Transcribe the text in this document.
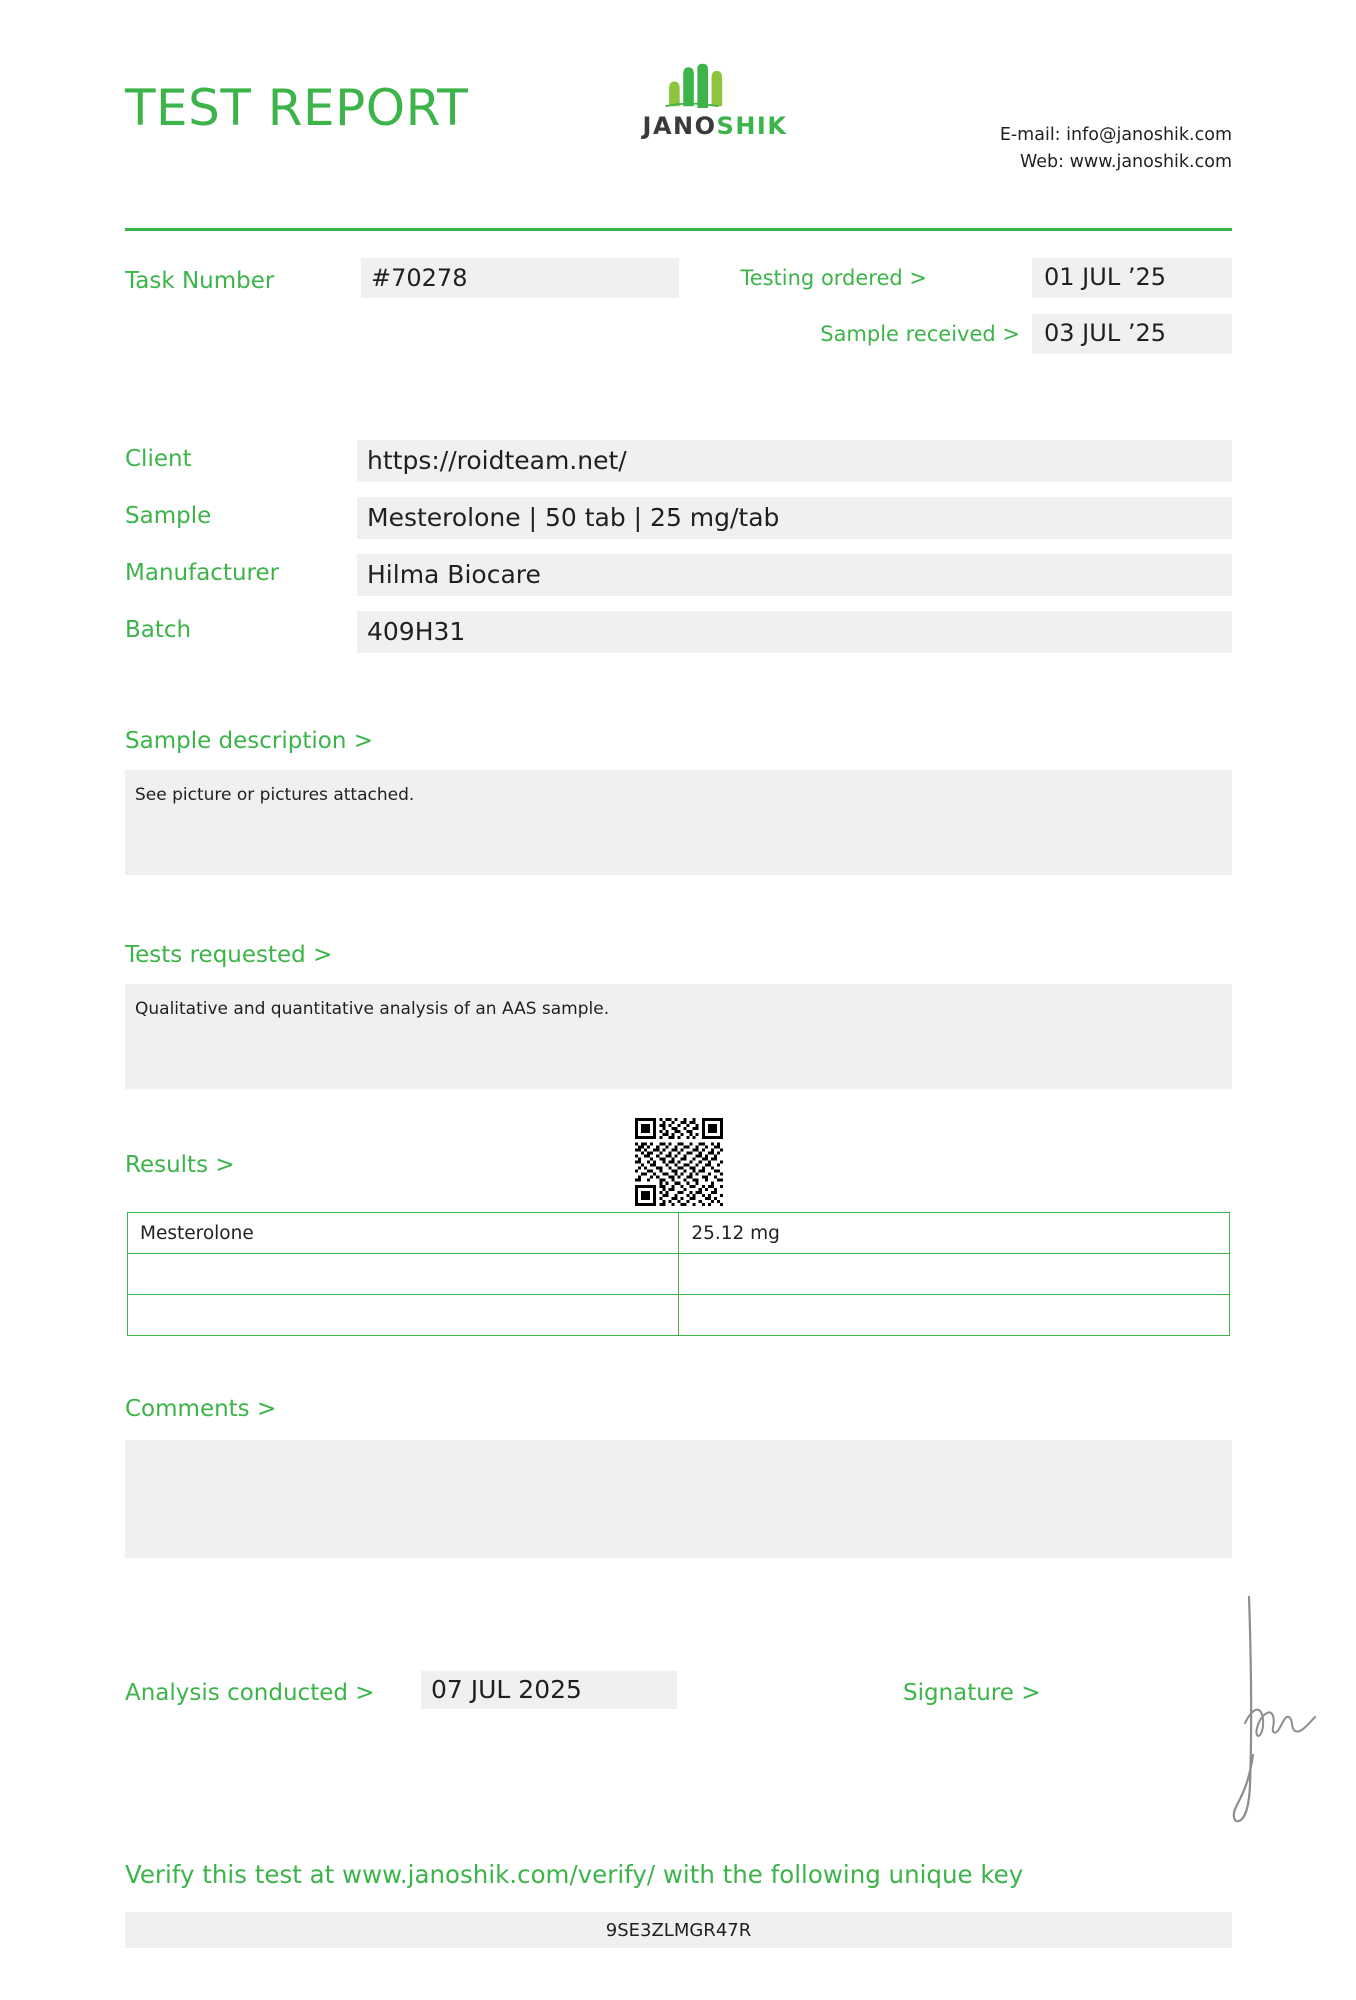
TEST REPORT	JANOSHIK	E-mail: info@janoshik.com
Web: www.janoshik.com
Task Number	#70278	Testing ordered >	01 JUL ’25
Sample received >	03 JUL ’25
Client	https://roidteam.net/
Sample	Mesterolone | 50 tab | 25 mg/tab
Manufacturer	Hilma Biocare
Batch	409H31
Sample description >
See picture or pictures attached.
Tests requested >
Qualitative and quantitative analysis of an AAS sample.
Results >
Mesterolone	25.12 mg

Comments >
Analysis conducted >	07 JUL 2025	Signature >
Verify this test at www.janoshik.com/verify/ with the following unique key
9SE3ZLMGR47R
